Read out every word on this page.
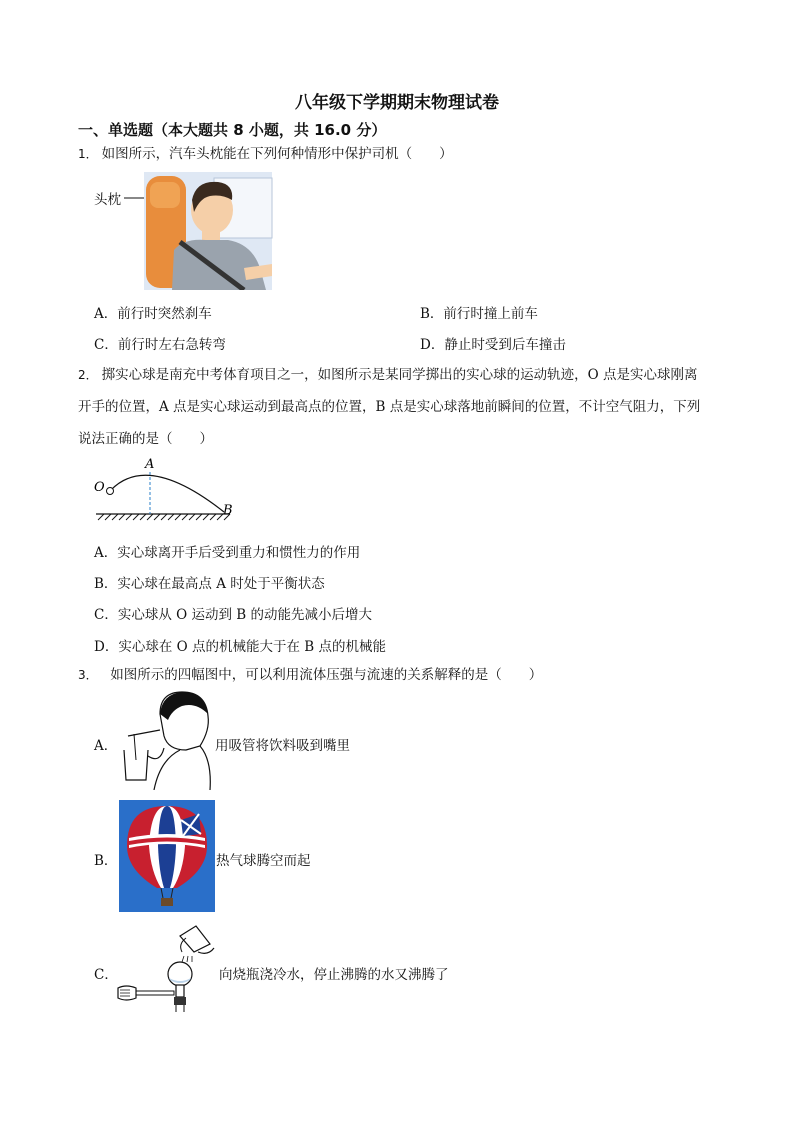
八年级下学期期末物理试卷
一、单选题（本大题共 8 小题，共 16.0 分）
1． 如图所示，汽车头枕能在下列何种情形中保护司机（　　）
头枕
A．前行时突然刹车	B．前行时撞上前车
C．前行时左右急转弯	D．静止时受到后车撞击
2． 掷实心球是南充中考体育项目之一，如图所示是某同学掷出的实心球的运动轨迹，O 点是实心球刚离
开手的位置，A 点是实心球运动到最高点的位置，B 点是实心球落地前瞬间的位置，不计空气阻力，下列
说法正确的是（　　）
O
A
B
A．实心球离开手后受到重力和惯性力的作用
B．实心球在最高点 A 时处于平衡状态
C．实心球从 O 运动到 B 的动能先减小后增大
D．实心球在 O 点的机械能大于在 B 点的机械能
3． 如图所示的四幅图中，可以利用流体压强与流速的关系解释的是（　　）
A．	用吸管将饮料吸到嘴里
B．	热气球腾空而起
C．	向烧瓶浇冷水，停止沸腾的水又沸腾了
